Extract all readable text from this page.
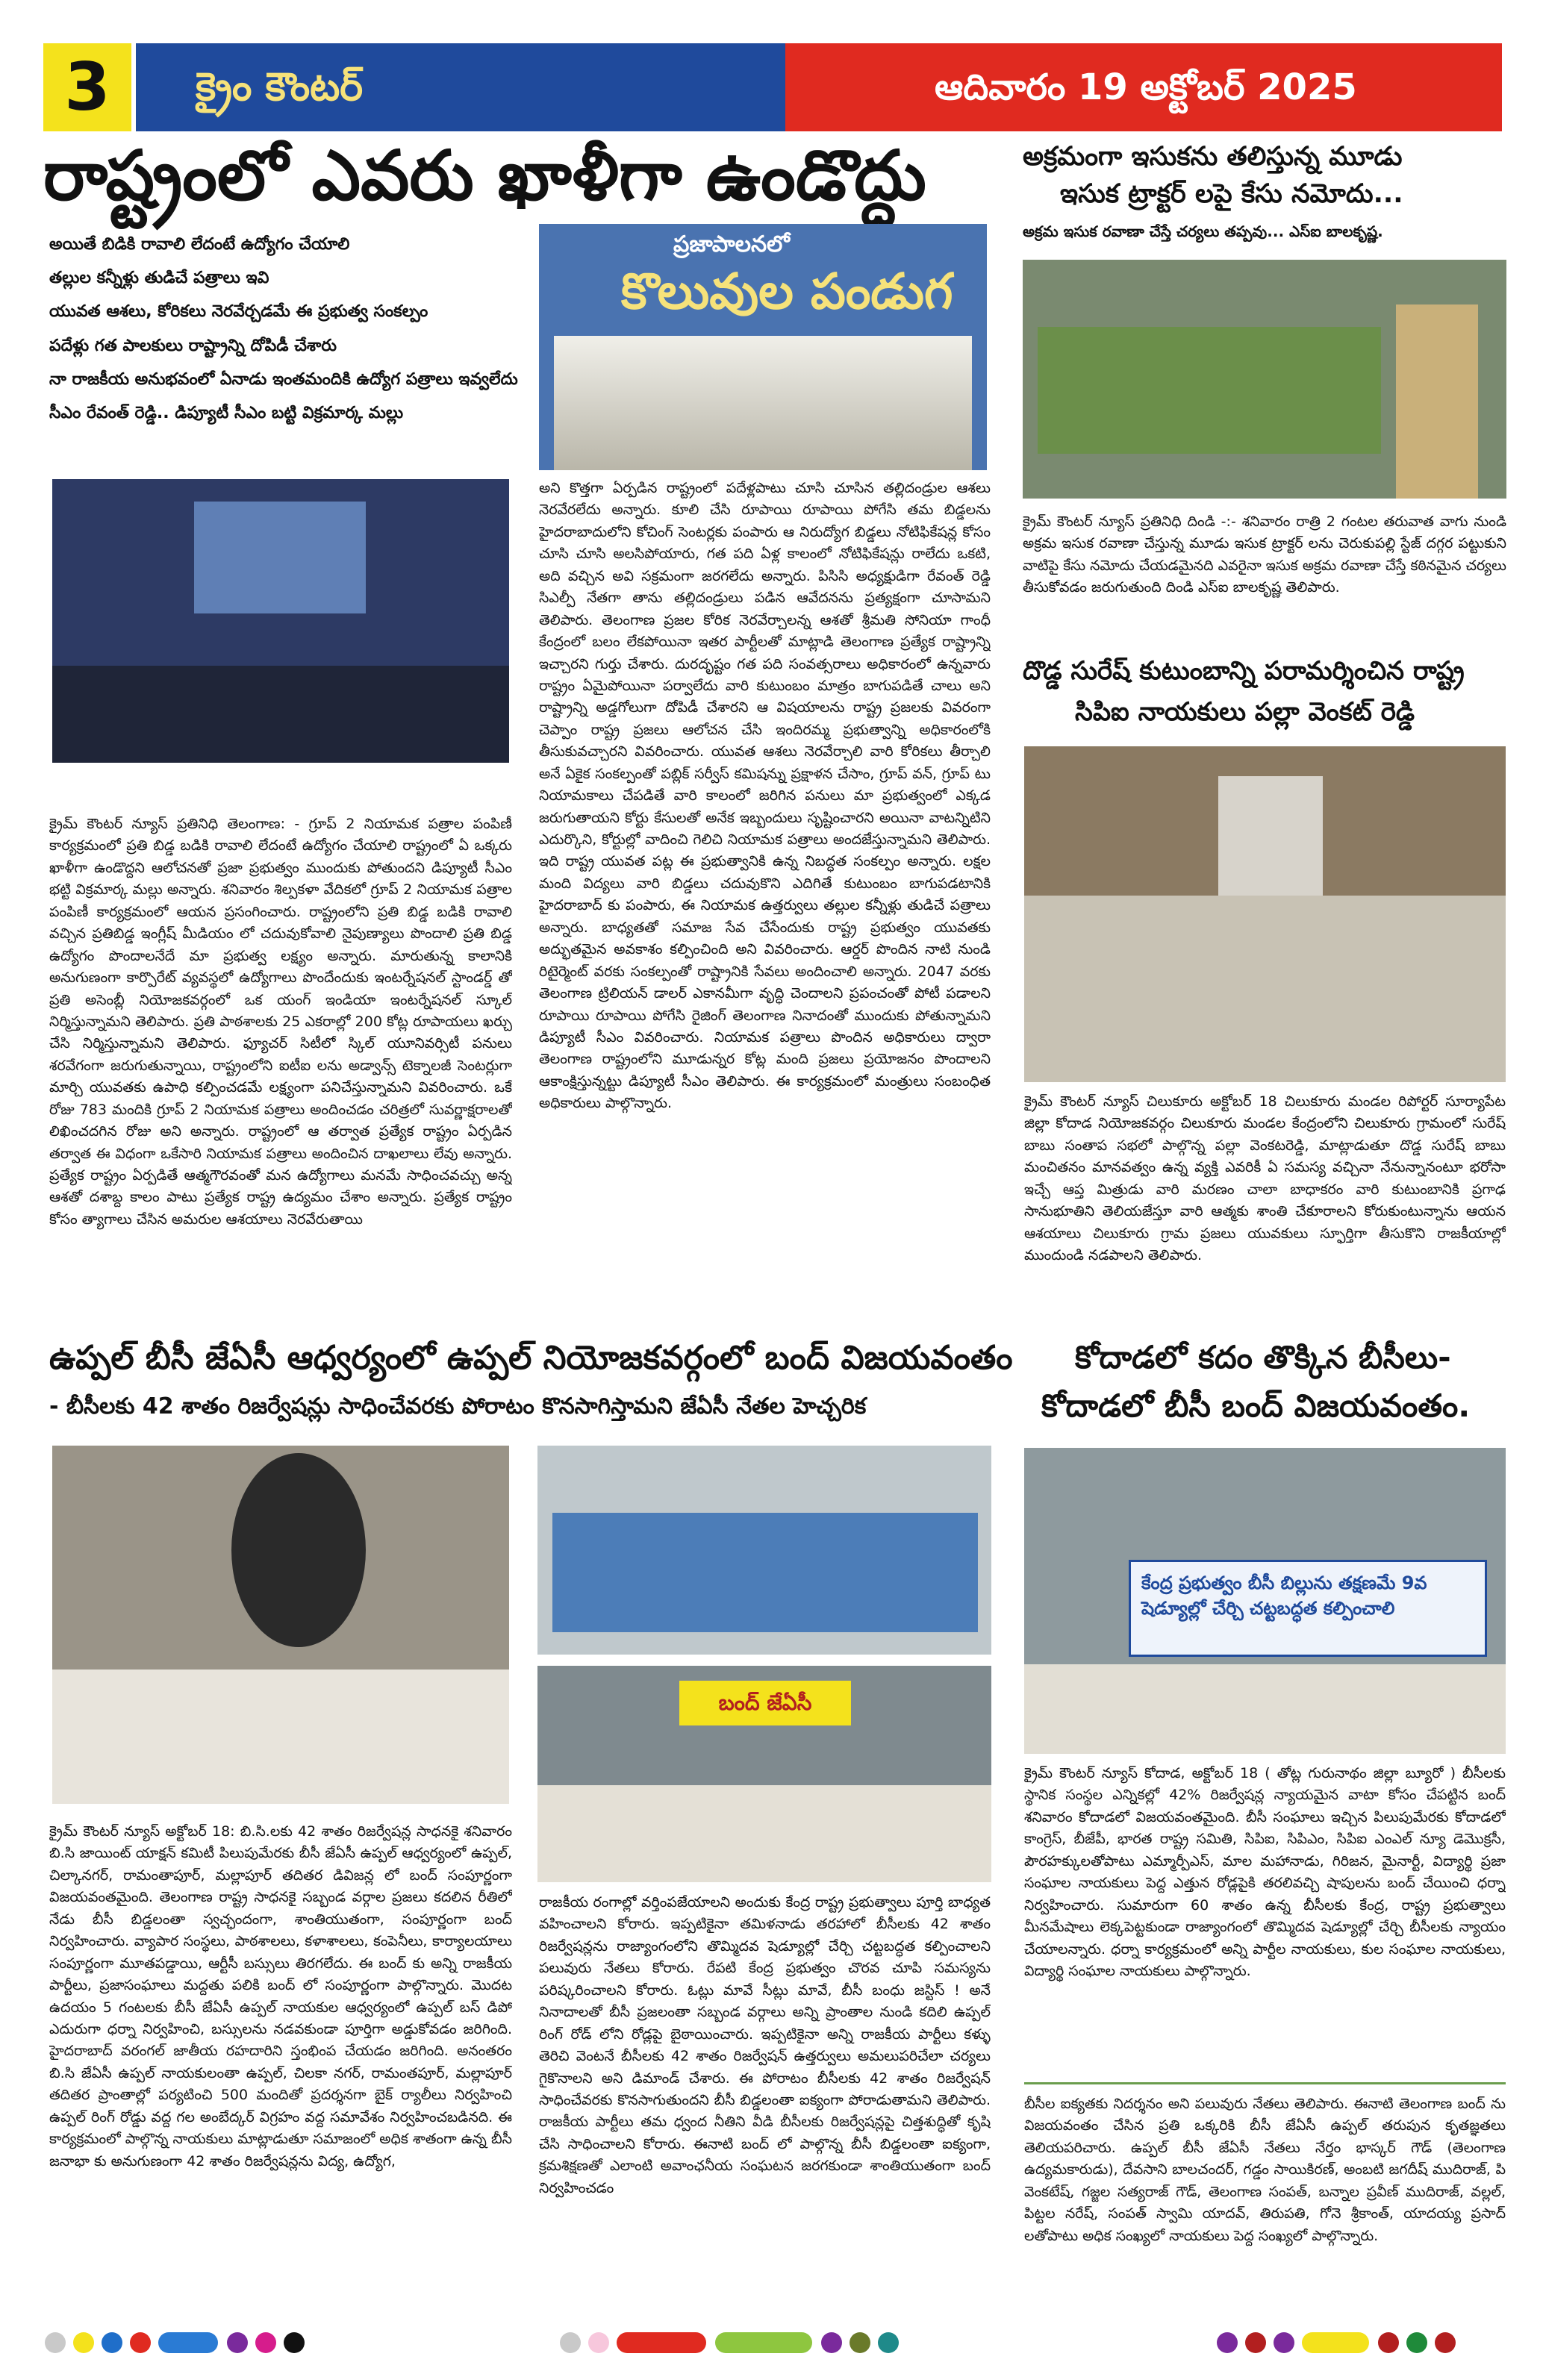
3	క్రైం కౌంటర్	ఆదివారం 19 అక్టోబర్ 2025
రాష్ట్రంలో ఎవరు ఖాళీగా ఉండొద్దు
అయితే బిడికి రావాలి లేదంటే ఉద్యోగం చేయాలి
తల్లుల కన్నీళ్లు తుడిచే పత్రాలు ఇవి
యువత ఆశలు, కోరికలు నెరవేర్చడమే ఈ ప్రభుత్వ సంకల్పం
పదేళ్లు గత పాలకులు రాష్ట్రాన్ని దోపిడీ చేశారు
నా రాజకీయ అనుభవంలో ఏనాడు ఇంతమందికి ఉద్యోగ పత్రాలు ఇవ్వలేదు
సీఎం రేవంత్ రెడ్డి.. డిప్యూటీ సీఎం బట్టి విక్రమార్క మల్లు
ప్రజాపాలనలో
కొలువుల పండుగ
క్రైమ్ కౌంటర్ న్యూస్ ప్రతినిధి తెలంగాణ: - గ్రూప్ 2 నియామక పత్రాల పంపిణీ కార్యక్రమంలో ప్రతి బిడ్డ బడికి రావాలి లేదంటే ఉద్యోగం చేయాలి రాష్ట్రంలో ఏ ఒక్కరు ఖాళీగా ఉండొద్దని ఆలోచనతో ప్రజా ప్రభుత్వం ముందుకు పోతుందని డిప్యూటీ సీఎం భట్టి విక్రమార్క మల్లు అన్నారు. శనివారం శిల్పకళా వేదికలో గ్రూప్ 2 నియామక పత్రాల పంపిణీ కార్యక్రమంలో ఆయన ప్రసంగించారు. రాష్ట్రంలోని ప్రతి బిడ్డ బడికి రావాలి వచ్చిన ప్రతిబిడ్డ ఇంగ్లీష్ మీడియం లో చదువుకోవాలి నైపుణ్యాలు పొందాలి ప్రతి బిడ్డ ఉద్యోగం పొందాలనేదే మా ప్రభుత్వ లక్ష్యం అన్నారు. మారుతున్న కాలానికి అనుగుణంగా కార్పొరేట్ వ్యవస్థలో ఉద్యోగాలు పొందేందుకు ఇంటర్నేషనల్ స్టాండర్డ్ తో ప్రతి అసెంబ్లీ నియోజకవర్గంలో ఒక యంగ్ ఇండియా ఇంటర్నేషనల్ స్కూల్ నిర్మిస్తున్నామని తెలిపారు. ప్రతి పాఠశాలకు 25 ఎకరాల్లో 200 కోట్ల రూపాయలు ఖర్చు చేసి నిర్మిస్తున్నామని తెలిపారు. ఫ్యూచర్ సిటీలో స్కిల్ యూనివర్సిటీ పనులు శరవేగంగా జరుగుతున్నాయి, రాష్ట్రంలోని ఐటీఐ లను అడ్వాన్స్ టెక్నాలజీ సెంటర్లుగా మార్చి యువతకు ఉపాధి కల్పించడమే లక్ష్యంగా పనిచేస్తున్నామని వివరించారు. ఒకే రోజు 783 మందికి గ్రూప్ 2 నియామక పత్రాలు అందించడం చరిత్రలో సువర్ణాక్షరాలతో లిఖించదగిన రోజు అని అన్నారు. రాష్ట్రంలో ఆ తర్వాత ప్రత్యేక రాష్ట్రం ఏర్పడిన తర్వాత ఈ విధంగా ఒకేసారి నియామక పత్రాలు అందించిన దాఖలాలు లేవు అన్నారు. ప్రత్యేక రాష్ట్రం ఏర్పడితే ఆత్మగౌరవంతో మన ఉద్యోగాలు మనమే సాధించవచ్చు అన్న ఆశతో దశాబ్ద కాలం పాటు ప్రత్యేక రాష్ట్ర ఉద్యమం చేశాం అన్నారు. ప్రత్యేక రాష్ట్రం కోసం త్యాగాలు చేసిన అమరుల ఆశయాలు నెరవేరుతాయి
అని కొత్తగా ఏర్పడిన రాష్ట్రంలో పదేళ్లపాటు చూసి చూసిన తల్లిదండ్రుల ఆశలు నెరవేరలేదు అన్నారు. కూలి చేసి రూపాయి రూపాయి పోగేసి తమ బిడ్డలను హైదరాబాదులోని కోచింగ్ సెంటర్లకు పంపారు ఆ నిరుద్యోగ బిడ్డలు నోటిఫికేషన్ల కోసం చూసి చూసి అలసిపోయారు, గత పది ఏళ్ల కాలంలో నోటిఫికేషన్లు రాలేదు ఒకటి, అది వచ్చిన అవి సక్రమంగా జరగలేదు అన్నారు. పిసిసి అధ్యక్షుడిగా రేవంత్ రెడ్డి సిఎల్పీ నేతగా తాను తల్లిదండ్రులు పడిన ఆవేదనను ప్రత్యక్షంగా చూసామని తెలిపారు. తెలంగాణ ప్రజల కోరిక నెరవేర్చాలన్న ఆశతో శ్రీమతి సోనియా గాంధీ కేంద్రంలో బలం లేకపోయినా ఇతర పార్టీలతో మాట్లాడి తెలంగాణ ప్రత్యేక రాష్ట్రాన్ని ఇచ్చారని గుర్తు చేశారు. దురదృష్టం గత పది సంవత్సరాలు అధికారంలో ఉన్నవారు రాష్ట్రం ఏమైపోయినా పర్వాలేదు వారి కుటుంబం మాత్రం బాగుపడితే చాలు అని రాష్ట్రాన్ని అడ్డగోలుగా దోపిడీ చేశారని ఆ విషయాలను రాష్ట్ర ప్రజలకు వివరంగా చెప్పాం రాష్ట్ర ప్రజలు ఆలోచన చేసి ఇందిరమ్మ ప్రభుత్వాన్ని అధికారంలోకి తీసుకువచ్చారని వివరించారు. యువత ఆశలు నెరవేర్చాలి వారి కోరికలు తీర్చాలి అనే ఏకైక సంకల్పంతో పబ్లిక్ సర్వీస్ కమిషన్ను ప్రక్షాళన చేసాం, గ్రూప్ వన్, గ్రూప్ టు నియామకాలు చేపడితే వారి కాలంలో జరిగిన పనులు మా ప్రభుత్వంలో ఎక్కడ జరుగుతాయని కోర్టు కేసులతో అనేక ఇబ్బందులు సృష్టించారని అయినా వాటన్నిటిని ఎదుర్కొని, కోర్టుల్లో వాదించి గెలిచి నియామక పత్రాలు అందజేస్తున్నామని తెలిపారు. ఇది రాష్ట్ర యువత పట్ల ఈ ప్రభుత్వానికి ఉన్న నిబద్ధత సంకల్పం అన్నారు. లక్షల మంది విద్యలు వారి బిడ్డలు చదువుకొని ఎదిగితే కుటుంబం బాగుపడటానికి హైదరాబాద్ కు పంపారు, ఈ నియామక ఉత్తర్వులు తల్లుల కన్నీళ్లు తుడిచే పత్రాలు అన్నారు. బాధ్యతతో సమాజ సేవ చేసేందుకు రాష్ట్ర ప్రభుత్వం యువతకు అద్భుతమైన అవకాశం కల్పించింది అని వివరించారు. ఆర్డర్ పొందిన నాటి నుండి రిటైర్మెంట్ వరకు సంకల్పంతో రాష్ట్రానికి సేవలు అందించాలి అన్నారు. 2047 వరకు తెలంగాణ ట్రిలియన్ డాలర్ ఎకానమీగా వృద్ధి చెందాలని ప్రపంచంతో పోటీ పడాలని రూపాయి రూపాయి పోగేసి రైజింగ్ తెలంగాణ నినాదంతో ముందుకు పోతున్నామని డిప్యూటీ సీఎం వివరించారు. నియామక పత్రాలు పొందిన అధికారులు ద్వారా తెలంగాణ రాష్ట్రంలోని మూడున్నర కోట్ల మంది ప్రజలు ప్రయోజనం పొందాలని ఆకాంక్షిస్తున్నట్టు డిప్యూటీ సీఎం తెలిపారు. ఈ కార్యక్రమంలో మంత్రులు సంబంధిత అధికారులు పాల్గొన్నారు.
అక్రమంగా ఇసుకను తలిస్తున్న మూడు
ఇసుక ట్రాక్టర్ లపై కేసు నమోదు...
అక్రమ ఇసుక రవాణా చేస్తే చర్యలు తప్పవు... ఎస్ఐ బాలకృష్ణ.
క్రైమ్ కౌంటర్ న్యూస్ ప్రతినిధి దిండి -:- శనివారం రాత్రి 2 గంటల తరువాత వాగు నుండి అక్రమ ఇసుక రవాణా చేస్తున్న మూడు ఇసుక ట్రాక్టర్ లను చెరుకుపల్లి స్టేజ్ దగ్గర పట్టుకుని వాటిపై కేసు నమోదు చేయడమైనది ఎవరైనా ఇసుక అక్రమ రవాణా చేస్తే కఠినమైన చర్యలు తీసుకోవడం జరుగుతుంది దిండి ఎస్ఐ బాలకృష్ణ తెలిపారు.
దొడ్డ సురేష్ కుటుంబాన్ని పరామర్శించిన రాష్ట్ర
సిపిఐ నాయకులు పల్లా వెంకట్ రెడ్డి
క్రైమ్ కౌంటర్ న్యూస్ చిలుకూరు అక్టోబర్ 18 చిలుకూరు మండల రిపోర్టర్ సూర్యాపేట జిల్లా కోదాడ నియోజకవర్గం చిలుకూరు మండల కేంద్రంలోని చిలుకూరు గ్రామంలో సురేష్ బాబు సంతాప సభలో పాల్గొన్న పల్లా వెంకటరెడ్డి, మాట్లాడుతూ దొడ్డ సురేష్ బాబు మంచితనం మానవత్వం ఉన్న వ్యక్తి ఎవరికీ ఏ సమస్య వచ్చినా నేనున్నానంటూ భరోసా ఇచ్చే ఆప్త మిత్రుడు వారి మరణం చాలా బాధాకరం వారి కుటుంబానికి ప్రగాఢ సానుభూతిని తెలియజేస్తూ వారి ఆత్మకు శాంతి చేకూరాలని కోరుకుంటున్నాను ఆయన ఆశయాలు చిలుకూరు గ్రామ ప్రజలు యువకులు స్ఫూర్తిగా తీసుకొని రాజకీయాల్లో ముందుండి నడపాలని తెలిపారు.
ఉప్పల్ బీసీ జేఏసీ ఆధ్వర్యంలో ఉప్పల్ నియోజకవర్గంలో బంద్ విజయవంతం
- బీసీలకు 42 శాతం రిజర్వేషన్లు సాధించేవరకు పోరాటం కొనసాగిస్తామని జేఏసీ నేతల హెచ్చరిక
బంద్ జేఏసీ
క్రైమ్ కౌంటర్ న్యూస్ అక్టోబర్ 18: బి.సి.లకు 42 శాతం రిజర్వేషన్ల సాధనకై శనివారం బి.సి జాయింట్ యాక్షన్ కమిటీ పిలుపుమేరకు బీసీ జేఏసీ ఉప్పల్ ఆధ్వర్యంలో ఉప్పల్, చిల్కానగర్, రామంతాపూర్, మల్లాపూర్ తదితర డివిజన్ల లో బంద్ సంపూర్ణంగా విజయవంతమైంది. తెలంగాణ రాష్ట్ర సాధనకై సబ్బండ వర్గాల ప్రజలు కదలిన రీతిలో నేడు బీసీ బిడ్డలంతా స్వచ్ఛందంగా, శాంతియుతంగా, సంపూర్ణంగా బంద్ నిర్వహించారు. వ్యాపార సంస్థలు, పాఠశాలలు, కళాశాలలు, కంపెనీలు, కార్యాలయాలు సంపూర్ణంగా మూతపడ్డాయి, ఆర్టీసీ బస్సులు తిరగలేదు. ఈ బంద్ కు అన్ని రాజకీయ పార్టీలు, ప్రజాసంఘాలు మద్దతు పలికి బంద్ లో సంపూర్ణంగా పాల్గొన్నారు. మొదట ఉదయం 5 గంటలకు బీసీ జేఏసీ ఉప్పల్ నాయకుల ఆధ్వర్యంలో ఉప్పల్ బస్ డిపో ఎదురుగా ధర్నా నిర్వహించి, బస్సులను నడవకుండా పూర్తిగా అడ్డుకోవడం జరిగింది. హైదరాబాద్ వరంగల్ జాతీయ రహదారిని స్తంభింప చేయడం జరిగింది. అనంతరం బి.సి జేఏసీ ఉప్పల్ నాయకులంతా ఉప్పల్, చిలకా నగర్, రామంతపూర్, మల్లాపూర్ తదితర ప్రాంతాల్లో పర్యటించి 500 మందితో ప్రదర్శనగా బైక్ ర్యాలీలు నిర్వహించి ఉప్పల్ రింగ్ రోడ్డు వద్ద గల అంబేద్కర్ విగ్రహం వద్ద సమావేశం నిర్వహించబడినది. ఈ కార్యక్రమంలో పాల్గొన్న నాయకులు మాట్లాడుతూ సమాజంలో అధిక శాతంగా ఉన్న బీసీ జనాభా కు అనుగుణంగా 42 శాతం రిజర్వేషన్లను విద్య, ఉద్యోగ,
రాజకీయ రంగాల్లో వర్తింపజేయాలని అందుకు కేంద్ర రాష్ట్ర ప్రభుత్వాలు పూర్తి బాధ్యత వహించాలని కోరారు. ఇప్పటికైనా తమిళనాడు తరహాలో బీసీలకు 42 శాతం రిజర్వేషన్లను రాజ్యాంగంలోని తొమ్మిదవ షెడ్యూల్లో చేర్చి చట్టబద్ధత కల్పించాలని పలువురు నేతలు కోరారు. రేపటి కేంద్ర ప్రభుత్వం చొరవ చూపి సమస్యను పరిష్కరించాలని కోరారు. ఓట్లు మావే సీట్లు మావే, బీసీ బంధు జస్టిస్ ! అనే నినాదాలతో బీసీ ప్రజలంతా సబ్బండ వర్గాలు అన్ని ప్రాంతాల నుండి కదిలి ఉప్పల్ రింగ్ రోడ్ లోని రోడ్లపై బైఠాయించారు. ఇప్పటికైనా అన్ని రాజకీయ పార్టీలు కళ్ళు తెరిచి వెంటనే బీసీలకు 42 శాతం రిజర్వేషన్ ఉత్తర్వులు అమలుపరిచేలా చర్యలు గైకొనాలని అని డిమాండ్ చేశారు. ఈ పోరాటం బీసీలకు 42 శాతం రిజర్వేషన్ సాధించేవరకు కొనసాగుతుందని బీసీ బిడ్డలంతా ఐక్యంగా పోరాడుతామని తెలిపారు. రాజకీయ పార్టీలు తమ ధ్వంద నీతిని వీడి బీసీలకు రిజర్వేషన్లపై చిత్తశుద్ధితో కృషి చేసి సాధించాలని కోరారు. ఈనాటి బంద్ లో పాల్గొన్న బీసీ బిడ్డలంతా ఐక్యంగా, క్రమశిక్షణతో ఎలాంటి అవాంఛనీయ సంఘటన జరగకుండా శాంతియుతంగా బంద్ నిర్వహించడం
కోదాడలో కదం తొక్కిన బీసీలు-
కోదాడలో బీసీ బంద్ విజయవంతం.
కేంద్ర ప్రభుత్వం బీసీ బిల్లును తక్షణమే 9వ షెడ్యూల్లో చేర్చి చట్టబద్ధత కల్పించాలి
క్రైమ్ కౌంటర్ న్యూస్ కోదాడ, అక్టోబర్ 18 ( తోట్ల గురునాథం జిల్లా బ్యూరో ) బీసీలకు స్థానిక సంస్థల ఎన్నికల్లో 42% రిజర్వేషన్ల న్యాయమైన వాటా కోసం చేపట్టిన బంద్ శనివారం కోదాడలో విజయవంతమైంది. బీసీ సంఘాలు ఇచ్చిన పిలుపుమేరకు కోదాడలో కాంగ్రెస్, బీజేపీ, భారత రాష్ట్ర సమితి, సిపిఐ, సిపిఎం, సిపిఐ ఎంఎల్ న్యూ డెమొక్రసీ, పౌరహక్కులతోపాటు ఎమ్మార్పీఎస్, మాల మహానాడు, గిరిజన, మైనార్టీ, విద్యార్థి ప్రజా సంఘాల నాయకులు పెద్ద ఎత్తున రోడ్లపైకి తరలివచ్చి షాపులను బంద్ చేయించి ధర్నా నిర్వహించారు. సుమారుగా 60 శాతం ఉన్న బీసీలకు కేంద్ర, రాష్ట్ర ప్రభుత్వాలు మీనమేషాలు లెక్కపెట్టకుండా రాజ్యాంగంలో తొమ్మిదవ షెడ్యూల్లో చేర్చి బీసీలకు న్యాయం చేయాలన్నారు. ధర్నా కార్యక్రమంలో అన్ని పార్టీల నాయకులు, కుల సంఘాల నాయకులు, విద్యార్థి సంఘాల నాయకులు పాల్గొన్నారు.
బీసీల ఐక్యతకు నిదర్శనం అని పలువురు నేతలు తెలిపారు. ఈనాటి తెలంగాణ బంద్ ను విజయవంతం చేసిన ప్రతి ఒక్కరికి బీసీ జేఏసీ ఉప్పల్ తరుపున కృతజ్ఞతలు తెలియపరిచారు. ఉప్పల్ బీసీ జేఏసీ నేతలు నేర్తం భాస్కర్ గౌడ్ (తెలంగాణ ఉద్యమకారుడు), దేవసాని బాలచందర్, గడ్డం సాయికిరణ్, అంబటి జగదీష్ ముదిరాజ్, పి వెంకటేష్, గజ్జల సత్యరాజ్ గౌడ్, తెలంగాణ సంపత్, బన్నాల ప్రవీణ్ ముదిరాజ్, వల్లల్, పిట్టల నరేష్, సంపత్ స్వామి యాదవ్, తిరుపతి, గోనె శ్రీకాంత్, యాదయ్య ప్రసాద్ లతోపాటు అధిక సంఖ్యలో నాయకులు పెద్ద సంఖ్యలో పాల్గొన్నారు.
